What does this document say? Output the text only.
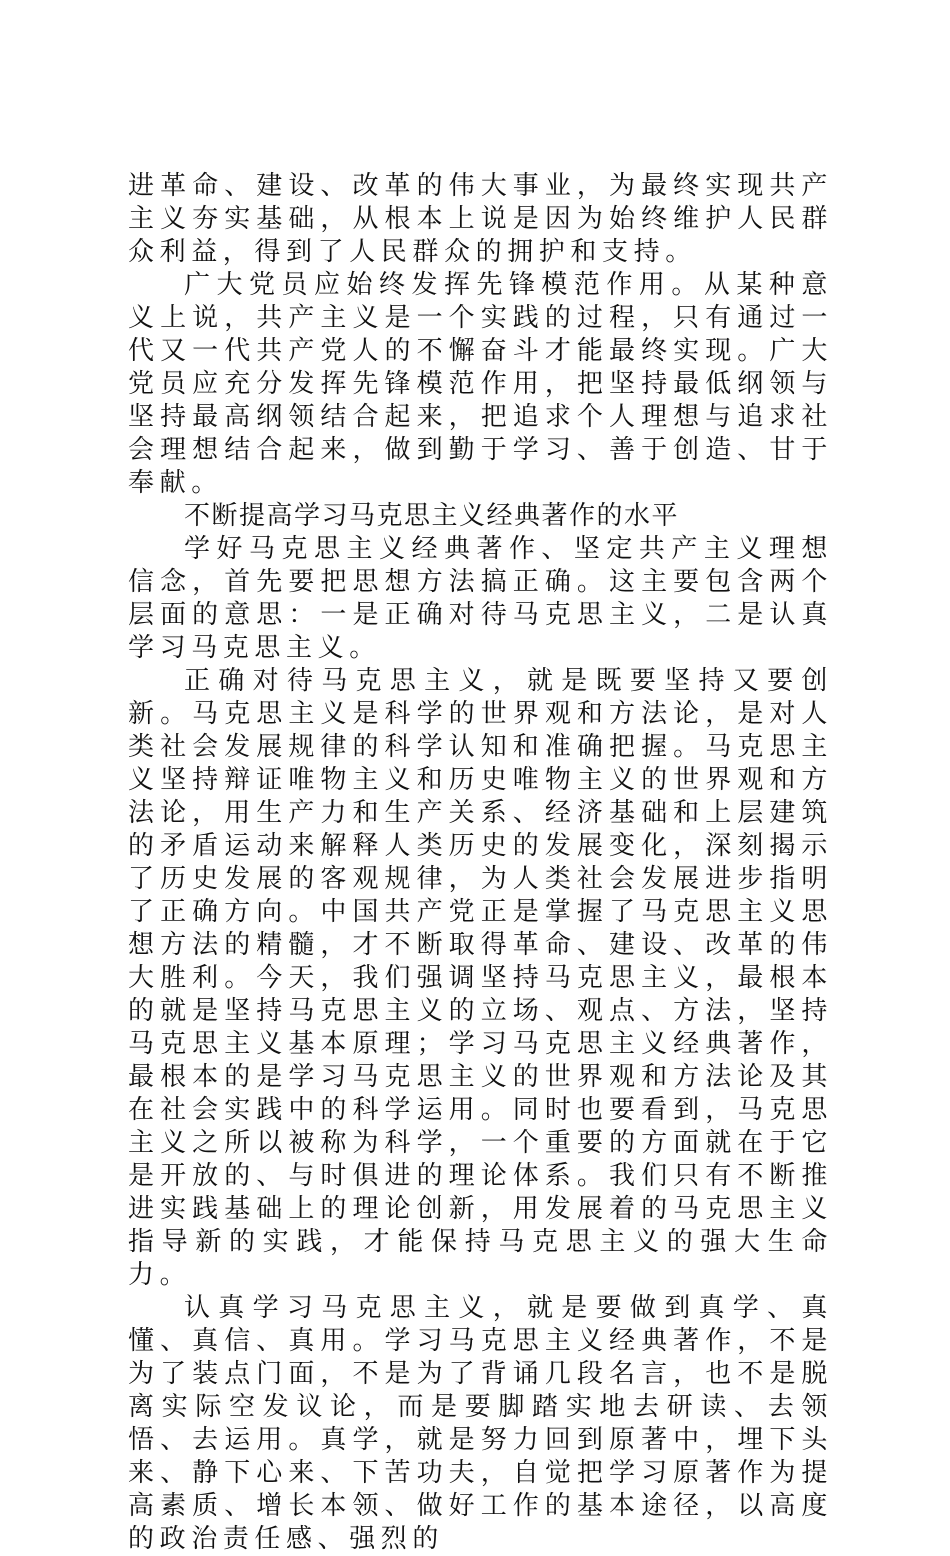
进革命、建设、改革的伟大事业，为最终实现共产主义夯实基础，从根本上说是因为始终维护人民群众利益，得到了人民群众的拥护和支持。

广大党员应始终发挥先锋模范作用。从某种意义上说，共产主义是一个实践的过程，只有通过一代又一代共产党人的不懈奋斗才能最终实现。广大党员应充分发挥先锋模范作用，把坚持最低纲领与坚持最高纲领结合起来，把追求个人理想与追求社会理想结合起来，做到勤于学习、善于创造、甘于奉献。

不断提高学习马克思主义经典著作的水平

学好马克思主义经典著作、坚定共产主义理想信念，首先要把思想方法搞正确。这主要包含两个层面的意思：一是正确对待马克思主义，二是认真学习马克思主义。

正确对待马克思主义，就是既要坚持又要创新。马克思主义是科学的世界观和方法论，是对人类社会发展规律的科学认知和准确把握。马克思主义坚持辩证唯物主义和历史唯物主义的世界观和方法论，用生产力和生产关系、经济基础和上层建筑的矛盾运动来解释人类历史的发展变化，深刻揭示了历史发展的客观规律，为人类社会发展进步指明了正确方向。中国共产党正是掌握了马克思主义思想方法的精髓，才不断取得革命、建设、改革的伟大胜利。今天，我们强调坚持马克思主义，最根本的就是坚持马克思主义的立场、观点、方法，坚持马克思主义基本原理；学习马克思主义经典著作，最根本的是学习马克思主义的世界观和方法论及其在社会实践中的科学运用。同时也要看到，马克思主义之所以被称为科学，一个重要的方面就在于它是开放的、与时俱进的理论体系。我们只有不断推进实践基础上的理论创新，用发展着的马克思主义指导新的实践，才能保持马克思主义的强大生命力。

认真学习马克思主义，就是要做到真学、真懂、真信、真用。学习马克思主义经典著作，不是为了装点门面，不是为了背诵几段名言，也不是脱离实际空发议论，而是要脚踏实地去研读、去领悟、去运用。真学，就是努力回到原著中，埋下头来、静下心来、下苦功夫，自觉把学习原著作为提高素质、增长本领、做好工作的基本途径，以高度的政治责任感、强烈的
